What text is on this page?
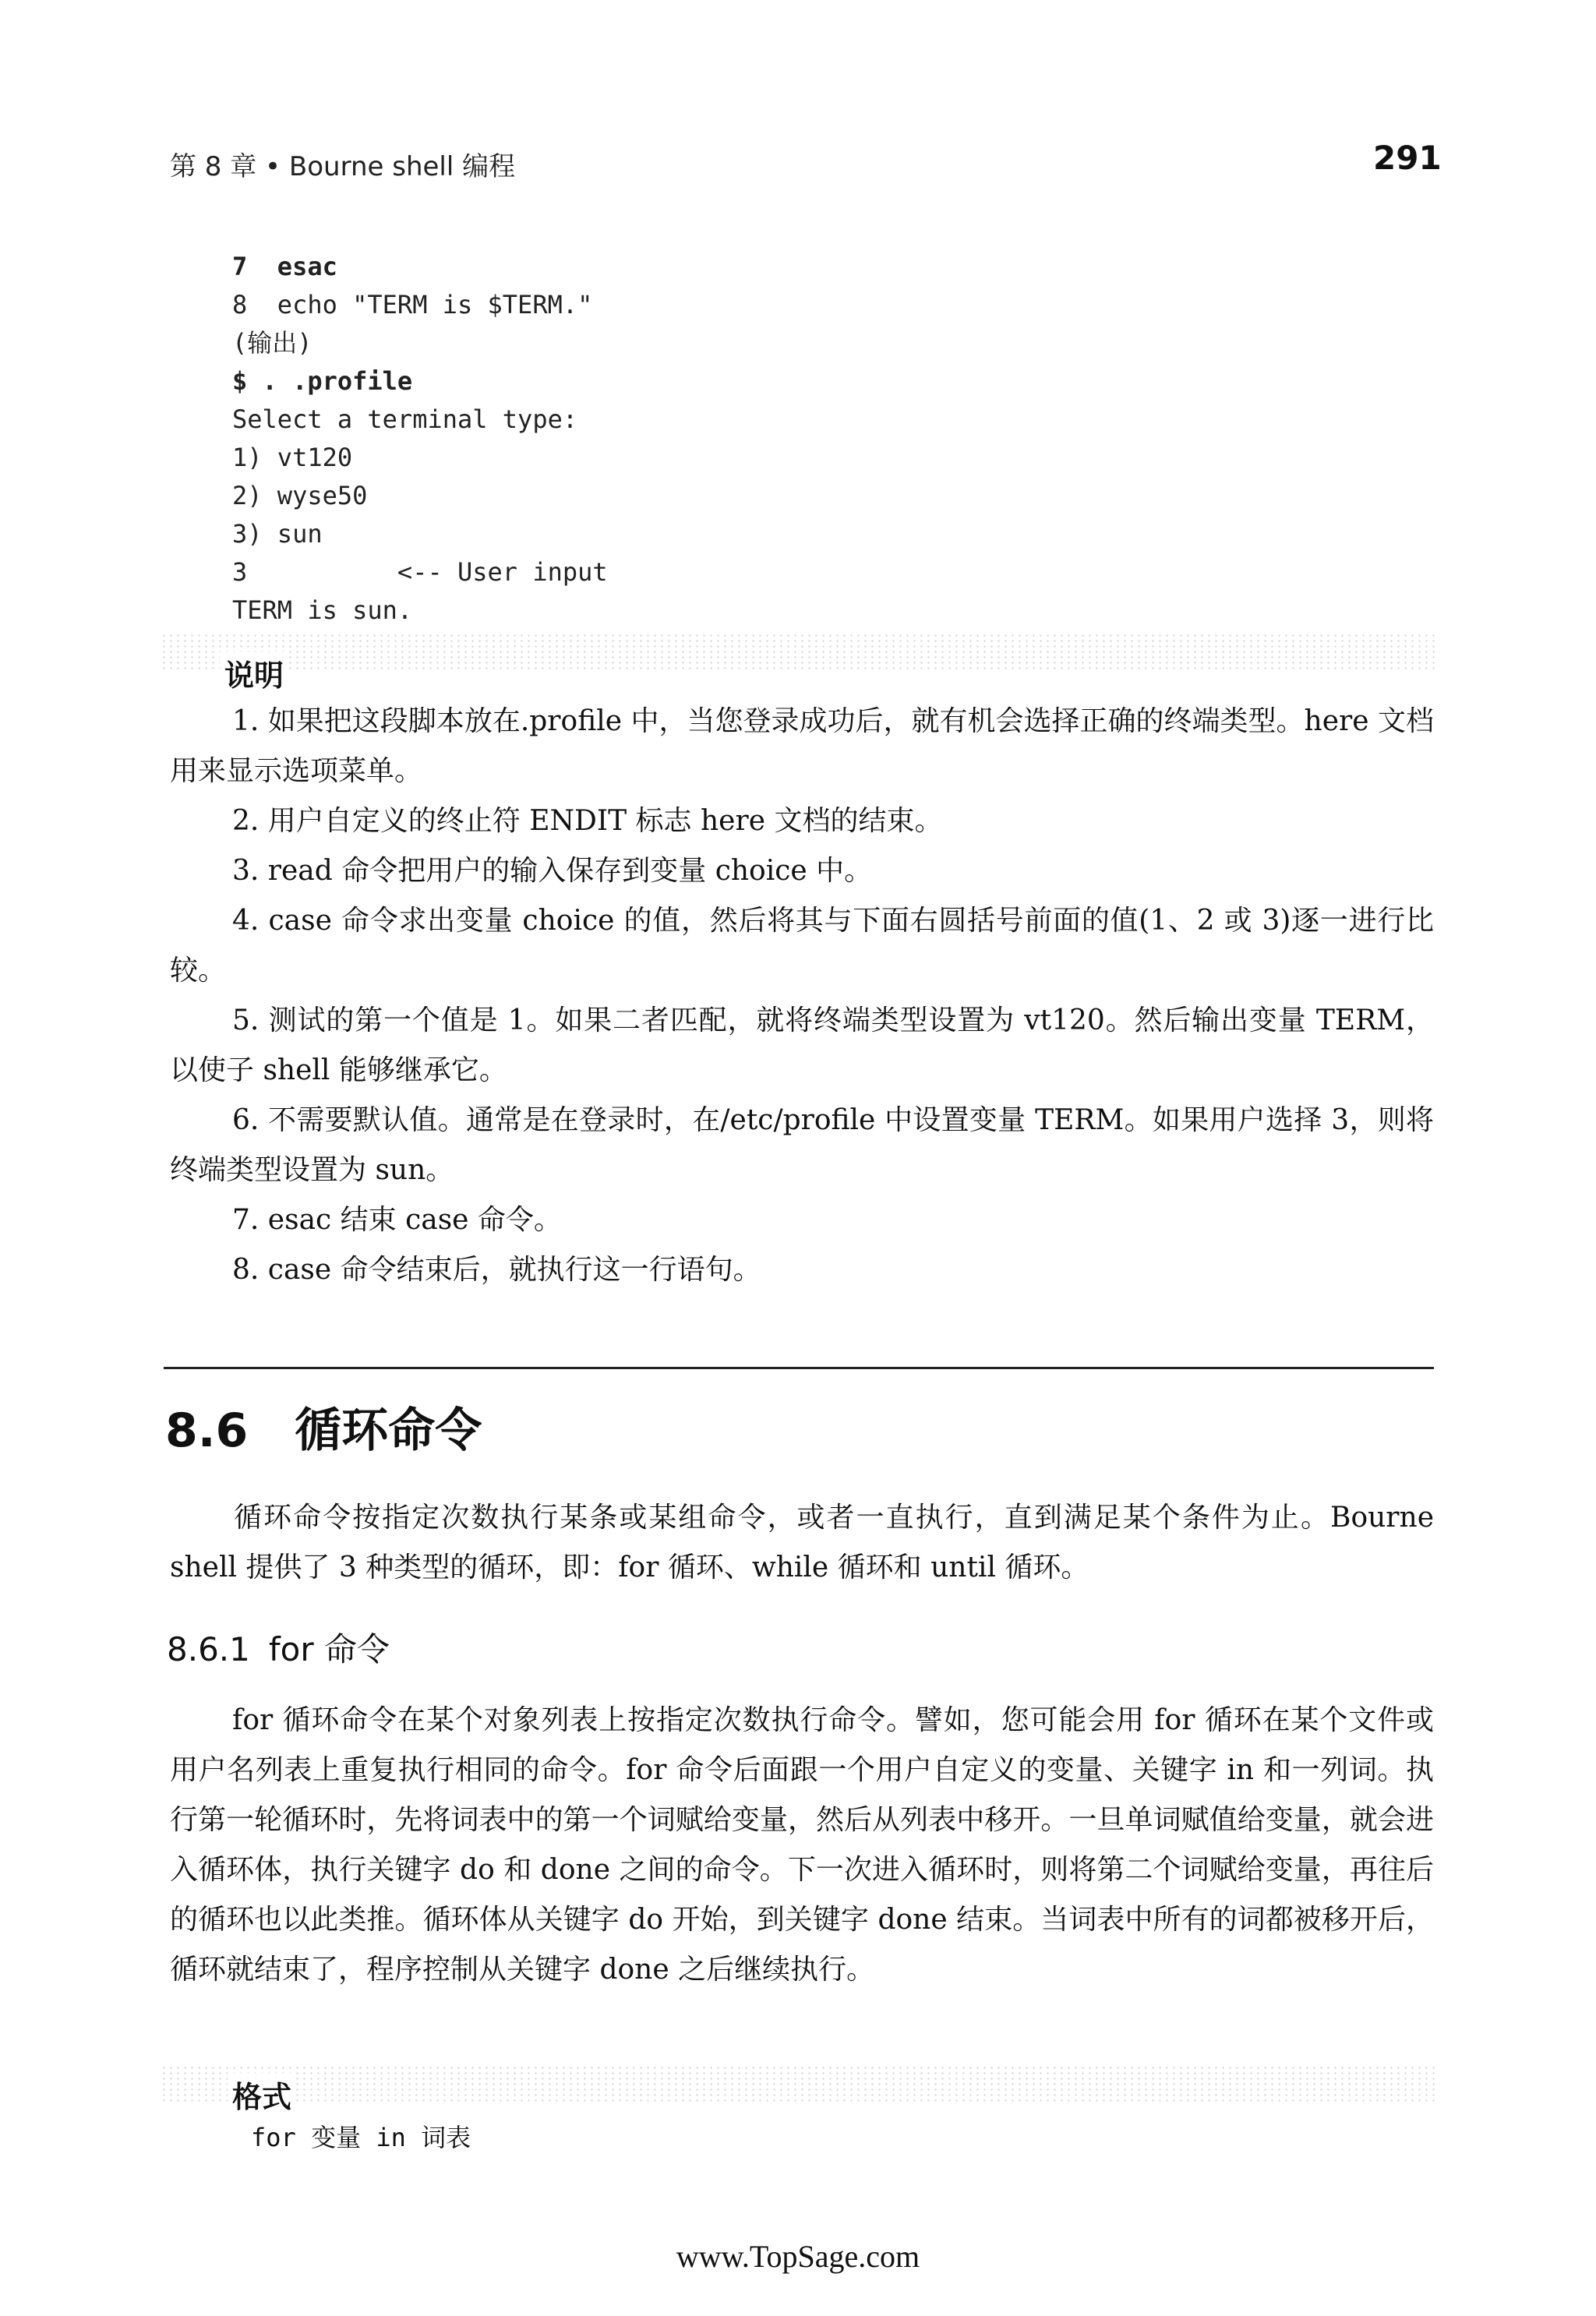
第 8 章 • Bourne shell 编程	291
7  esac
8  echo "TERM is $TERM."
(输出)
$ . .profile
Select a terminal type:
1) vt120
2) wyse50
3) sun
3          <-- User input
TERM is sun.
说明
1. 如果把这段脚本放在.profile 中，当您登录成功后，就有机会选择正确的终端类型。here 文档用来显示选项菜单。
2. 用户自定义的终止符 ENDIT 标志 here 文档的结束。
3. read 命令把用户的输入保存到变量 choice 中。
4. case 命令求出变量 choice 的值，然后将其与下面右圆括号前面的值(1、2 或 3)逐一进行比较。
5. 测试的第一个值是 1。如果二者匹配，就将终端类型设置为 vt120。然后输出变量 TERM，以使子 shell 能够继承它。
6. 不需要默认值。通常是在登录时，在/etc/profile 中设置变量 TERM。如果用户选择 3，则将终端类型设置为 sun。
7. esac 结束 case 命令。
8. case 命令结束后，就执行这一行语句。
8.6 循环命令
循环命令按指定次数执行某条或某组命令，或者一直执行，直到满足某个条件为止。Bourne shell 提供了 3 种类型的循环，即：for 循环、while 循环和 until 循环。
8.6.1 for 命令
for 循环命令在某个对象列表上按指定次数执行命令。譬如，您可能会用 for 循环在某个文件或用户名列表上重复执行相同的命令。for 命令后面跟一个用户自定义的变量、关键字 in 和一列词。执行第一轮循环时，先将词表中的第一个词赋给变量，然后从列表中移开。一旦单词赋值给变量，就会进入循环体，执行关键字 do 和 done 之间的命令。下一次进入循环时，则将第二个词赋给变量，再往后的循环也以此类推。循环体从关键字 do 开始，到关键字 done 结束。当词表中所有的词都被移开后，循环就结束了，程序控制从关键字 done 之后继续执行。
格式
for 变量 in 词表
www.TopSage.com
